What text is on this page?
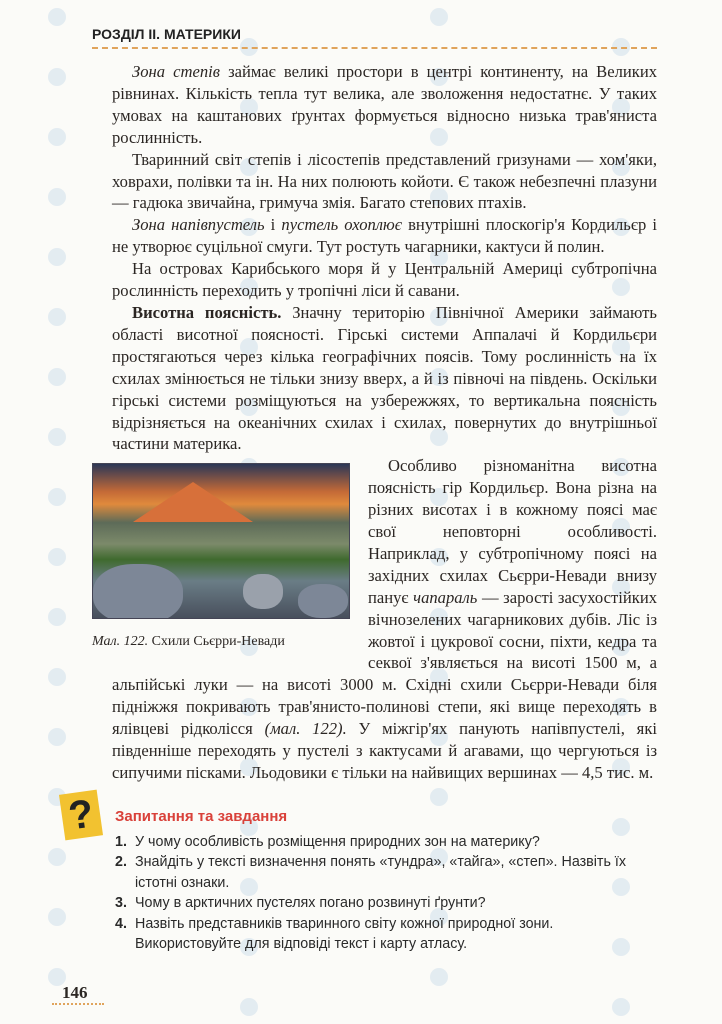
РОЗДІЛ ІІ. МАТЕРИКИ

Зона степів займає великі простори в центрі континенту, на Великих рівнинах. Кількість тепла тут велика, але зволоження недостатнє. У таких умовах на каштанових ґрунтах формується відносно низька трав'яниста рослинність.

Тваринний світ степів і лісостепів представлений гризунами — хом'яки, ховрахи, полівки та ін. На них полюють койоти. Є також небезпечні плазуни — гадюка звичайна, гримуча змія. Багато степових птахів.

Зона напівпустель і пустель охоплює внутрішні плоскогір'я Кордильєр і не утворює суцільної смуги. Тут ростуть чагарники, кактуси й полин.

На островах Карибського моря й у Центральній Америці субтропічна рослинність переходить у тропічні ліси й савани.

Висотна поясність. Значну територію Північної Америки займають області висотної поясності. Гірські системи Аппалачі й Кордильєри простягаються через кілька географічних поясів. Тому рослинність на їх схилах змінюється не тільки знизу вверх, а й із півночі на південь. Оскільки гірські системи розміщуються на узбережжях, то вертикальна поясність відрізняється на океанічних схилах і схилах, повернутих до внутрішньої частини материка.

Мал. 122. Схили Сьєрри-Невади

Особливо різноманітна висотна поясність гір Кордильєр. Вона різна на різних висотах і в кожному поясі має свої неповторні особливості. Наприклад, у субтропічному поясі на західних схилах Сьєрри-Невади внизу панує чапараль — зарості засухостійких вічнозелених чагарникових дубів. Ліс із жовтої і цукрової сосни, піхти, кедра та секвої з'являється на висоті 1500 м, а альпійські луки — на висоті 3000 м. Східні схили Сьєрри-Невади біля підніжжя покривають трав'янисто-полинові степи, які вище переходять в ялівцеві рідколісся (мал. 122). У міжгір'ях панують напівпустелі, які південніше переходять у пустелі з кактусами й агавами, що чергуються із сипучими пісками. Льодовики є тільки на найвищих вершинах — 4,5 тис. м.

?	Запитання та завдання
1. У чому особливість розміщення природних зон на материку?
2. Знайдіть у тексті визначення понять «тундра», «тайга», «степ». Назвіть їх істотні ознаки.
3. Чому в арктичних пустелях погано розвинуті ґрунти?
4. Назвіть представників тваринного світу кожної природної зони. Використовуйте для відповіді текст і карту атласу.
146
